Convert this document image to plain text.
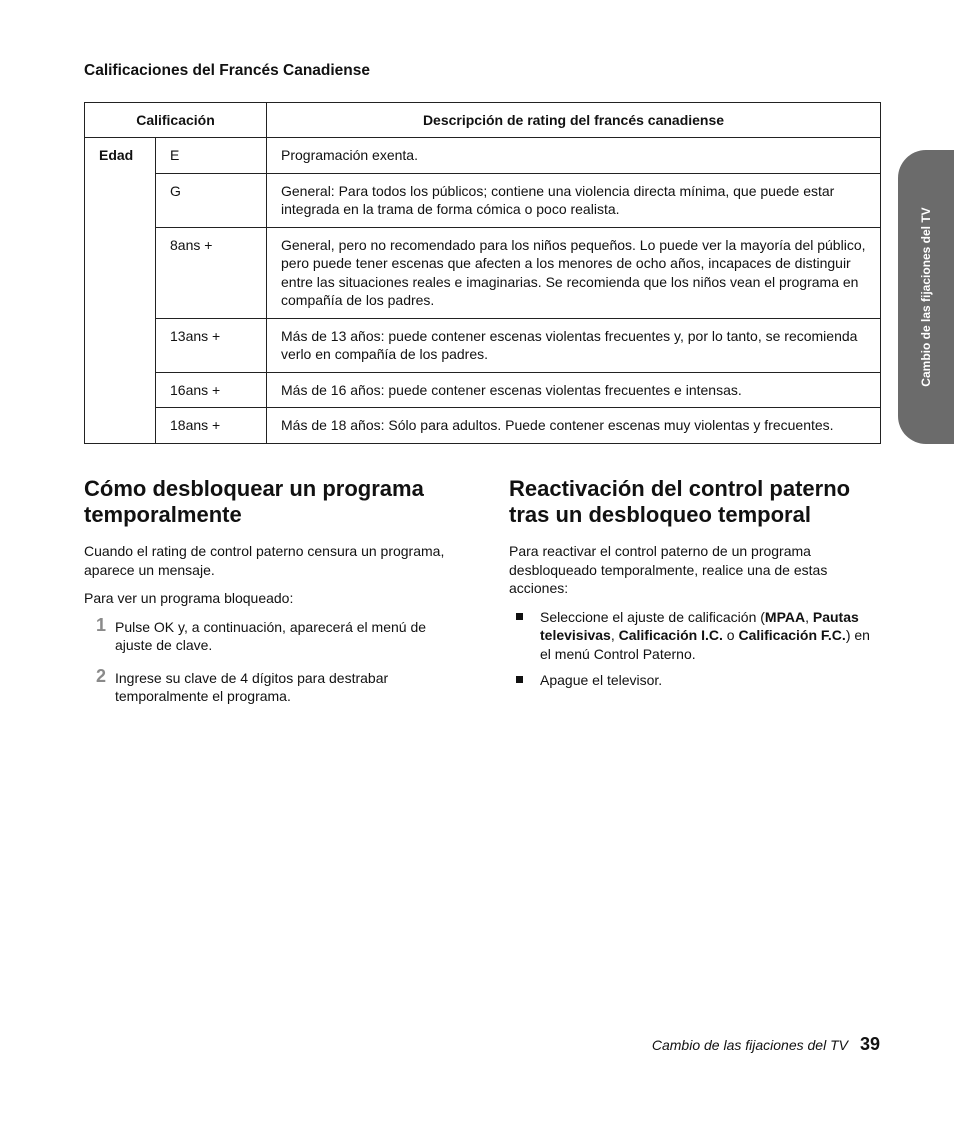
Calificaciones del Francés Canadiense
Calificación		Descripción de rating del francés canadiense
Edad	E	Programación exenta.
	G	General: Para todos los públicos; contiene una violencia directa mínima, que puede estar integrada en la trama de forma cómica o poco realista.
	8ans +	General, pero no recomendado para los niños pequeños. Lo puede ver la mayoría del público, pero puede tener escenas que afecten a los menores de ocho años, incapaces de distinguir entre las situaciones reales e imaginarias. Se recomienda que los niños vean el programa en compañía de los padres.
	13ans +	Más de 13 años: puede contener escenas violentas frecuentes y, por lo tanto, se recomienda verlo en compañía de los padres.
	16ans +	Más de 16 años: puede contener escenas violentas frecuentes e intensas.
	18ans +	Más de 18 años: Sólo para adultos. Puede contener escenas muy violentas y frecuentes.
Cambio de las fijaciones del TV
Cómo desbloquear un programa temporalmente

Cuando el rating de control paterno censura un programa, aparece un mensaje.

Para ver un programa bloqueado:

1 Pulse OK y, a continuación, aparecerá el menú de ajuste de clave.
2 Ingrese su clave de 4 dígitos para destrabar temporalmente el programa.
Reactivación del control paterno tras un desbloqueo temporal

Para reactivar el control paterno de un programa desbloqueado temporalmente, realice una de estas acciones:

Seleccione el ajuste de calificación (MPAA, Pautas televisivas, Calificación I.C. o Calificación F.C.) en el menú Control Paterno.
Apague el televisor.
Cambio de las fijaciones del TV 39
